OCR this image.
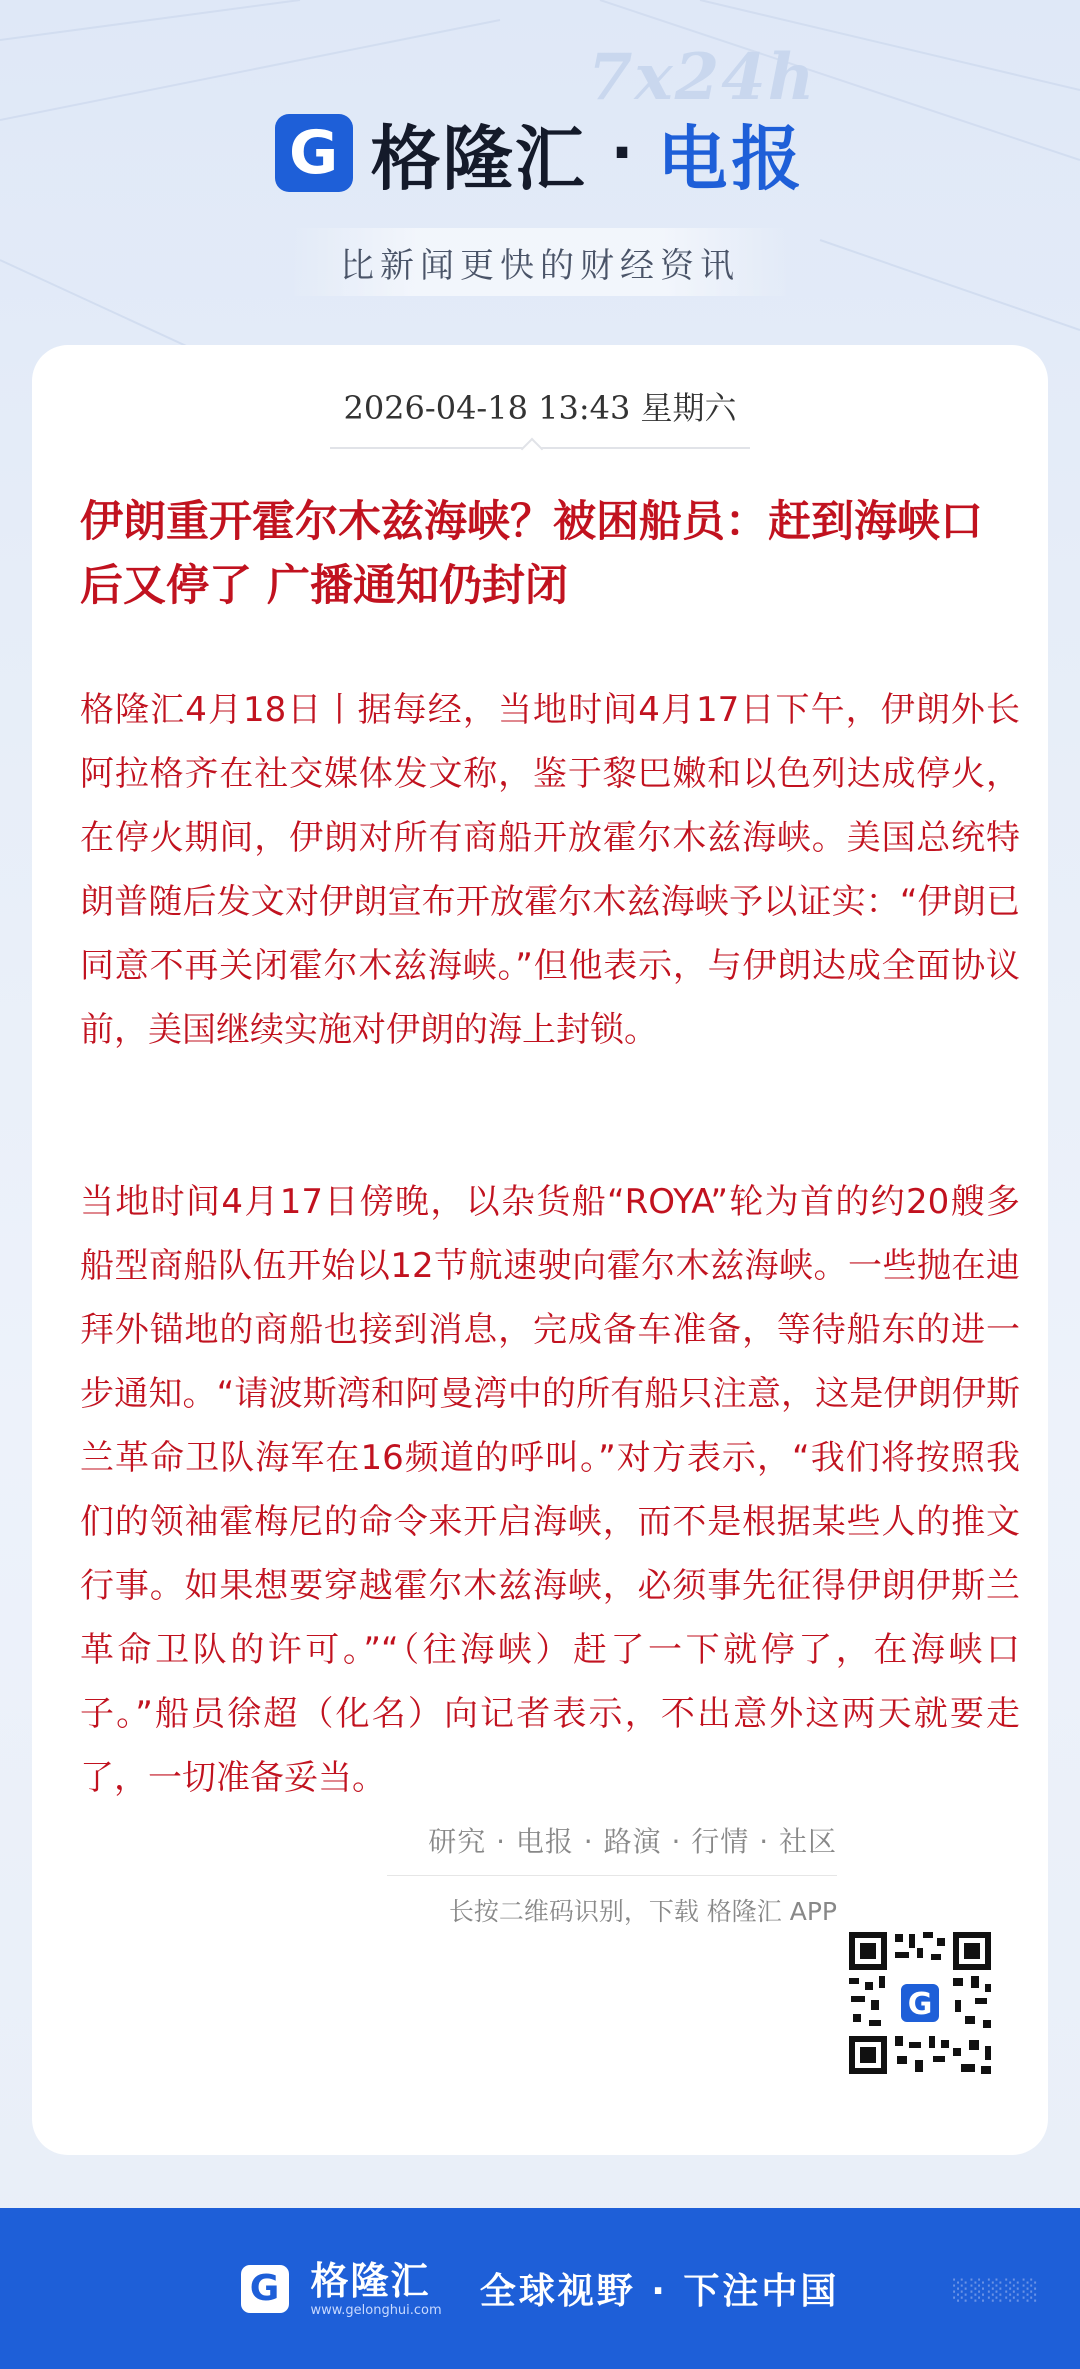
7x24h
G 格隆汇 · 电报
比新闻更快的财经资讯
2026-04-18 13:43 星期六
伊朗重开霍尔木兹海峡？被困船员：赶到海峡口后又停了 广播通知仍封闭
格隆汇4月18日丨据每经，当地时间4月17日下午，伊朗外长阿拉格齐在社交媒体发文称，鉴于黎巴嫩和以色列达成停火，在停火期间，伊朗对所有商船开放霍尔木兹海峡。美国总统特朗普随后发文对伊朗宣布开放霍尔木兹海峡予以证实：“伊朗已同意不再关闭霍尔木兹海峡。”但他表示，与伊朗达成全面协议前，美国继续实施对伊朗的海上封锁。
当地时间4月17日傍晚，以杂货船“ROYA”轮为首的约20艘多船型商船队伍开始以12节航速驶向霍尔木兹海峡。一些抛在迪拜外锚地的商船也接到消息，完成备车准备，等待船东的进一步通知。“请波斯湾和阿曼湾中的所有船只注意，这是伊朗伊斯兰革命卫队海军在16频道的呼叫。”对方表示，“我们将按照我们的领袖霍梅尼的命令来开启海峡，而不是根据某些人的推文行事。如果想要穿越霍尔木兹海峡，必须事先征得伊朗伊斯兰革命卫队的许可。”“（往海峡）赶了一下就停了，在海峡口子。”船员徐超（化名）向记者表示，不出意外这两天就要走了，一切准备妥当。
研究 · 电报 · 路演 · 行情 · 社区
长按二维码识别，下载 格隆汇 APP
G
G 格隆汇
www.gelonghui.com 全球视野 · 下注中国	░░░░░
